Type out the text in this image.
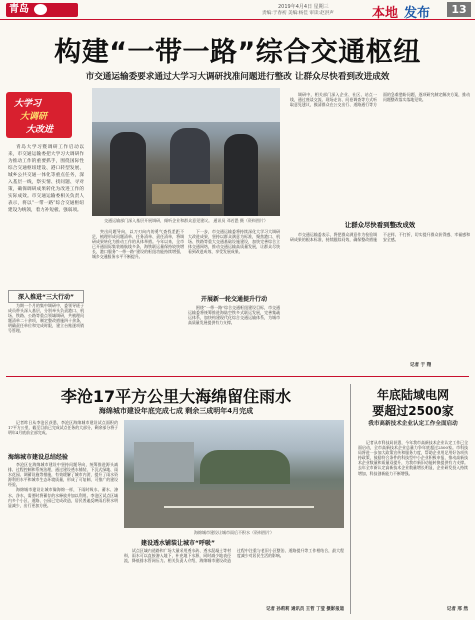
青岛	2019年4月4日 星期三
责编:于春初 美编:杨佳 审读:赵洪声	本地 发布	13
构建“一带一路”综合交通枢纽
市交通运输委要求通过大学习大调研找准问题进行整改 让群众尽快看到改进成效
大学习
大调研
大改进

青岛大学习暨调研工作启动以来，市交通运输委把大学习大调研作为推动工作的重要抓手，围绕国际性综合交通枢纽建设、港口转型发展、城乡公共交通一体化等重点任务，深入基层一线，察实情、找问题、寻对策，确保调研成果转化为改进工作的实际成效。市交通运输委相关负责人表示，将以“一带一路”综合交通枢纽建设为统领，着力补短板、强弱项。

深入推进“三大行动”

为期一个月的集中调研中，委领导班子成员带头深入基层，分别牵头负责港口、机场、铁路、公路等重点领域调研，共梳理问题清单二十余项，制定整改措施四十余条，明确责任单位和完成时限，建立台账逐项销号管理。

交通运输部门深入基层开展调研，倾听企业和群众意见建议。 通讯员 邓若愚 摄（资料图片）

突出问题导向，以刀刃向内的勇气查找差距不足，梳理形成问题清单、任务清单、责任清单，将调研成果转化为推动工作的具体举措。今年以来，全市已开通国际集装箱航线多条，海铁联运量保持较快增长，港口服务“一带一路”建设的枢纽功能持续增强，城乡交通服务水平不断提升。

下一步，市交通运输委将持续深化大学习大调研大改进成果，坚持以群众满意为标准，聚焦港口、机场、铁路等重大交通基础设施建设，加快完善综合立体交通网络，推动交通运输高质量发展，让群众尽快看到改进成效、享受发展成果。

开展新一轮交通提升行动

围绕“一带一路”综合交通枢纽建设目标，市交通运输委将统筹推进海陆空铁多式联运发展，完善集疏运体系，加快构建现代化综合交通运输体系，为城市高质量发展提供有力支撑。

调研中，相关部门深入企业、社区、站点一线，通过座谈交流、现场走访、问卷调查等方式听取意见建议，摸清群众在公交出行、道路通行等方面的急难愁盼问题，逐项研究制定解决方案，推动问题整改落实落地见效。

让群众尽快看到整改成效

市交通运输委表示，将把群众满意作为检验调研成果的根本标准，持续跟踪问效，确保整改措施不走样、不打折，切实提升群众获得感、幸福感和安全感。

记者 于 翔
李沧17平方公里大海绵留住雨水
海绵城市建设年底完成七成 剩余三成明年4月完成

记者昨日从李沧区获悉，李沧区海绵城市建设试点面积约17平方公里，截至目前已完成试点任务的大部分，剩余部分将于明年4月底前全部完成。

海绵城市建设总结经验

李沧区在海绵城市建设中坚持问题导向，统筹推进源头减排、过程控制和系统治理，通过建设透水铺装、下沉式绿地、雨水花园、调蓄设施等措施，有效缓解了城市内涝，提升了雨水资源利用水平和城市生态环境质量，形成了可复制、可推广的建设经验。

海绵城市建设让城市像海绵一样，下雨时吸水、蓄水、渗水、净水，需要时将蓄存的水释放并加以利用。李沧区试点区域内多个小区、道路、公园已完成改造，居民普遍反映雨后积水明显减少，出行更加方便。

海绵城市建设让城市雨后不积水（资料图片）
建设透水铺装让城市“呼吸”

试点区域内道路和广场大量采用透水砖、透水混凝土等材料，雨水可以直接渗入地下，补充地下水源，同时减少地表径流，降低排水管网压力。相关负责人介绍，海绵城市建设改造过程中注重与老旧小区整治、道路提升等工作相结合，最大程度减少对居民生活的影响。

记者 孙莉莉 通讯员 王哲 丁莹 摄影报道
年底陆域电网
要超过2500家
我市高新技术企业认定工作全面启动

记者从市科技局获悉，今年我市高新技术企业认定工作已全面启动，全市高新技术企业总量力争年底超过2500家。市科技局将进一步加大政策宣传和服务力度，帮助企业用足用好各项扶持政策，鼓励符合条件的科技型中小企业积极申报，推动高新技术企业数量和质量双提升，为我市新旧动能转换提供有力支撑。去年全市新认定高新技术企业数量增长明显，企业研发投入持续增加，科技创新能力不断增强。

记者 邢 然
